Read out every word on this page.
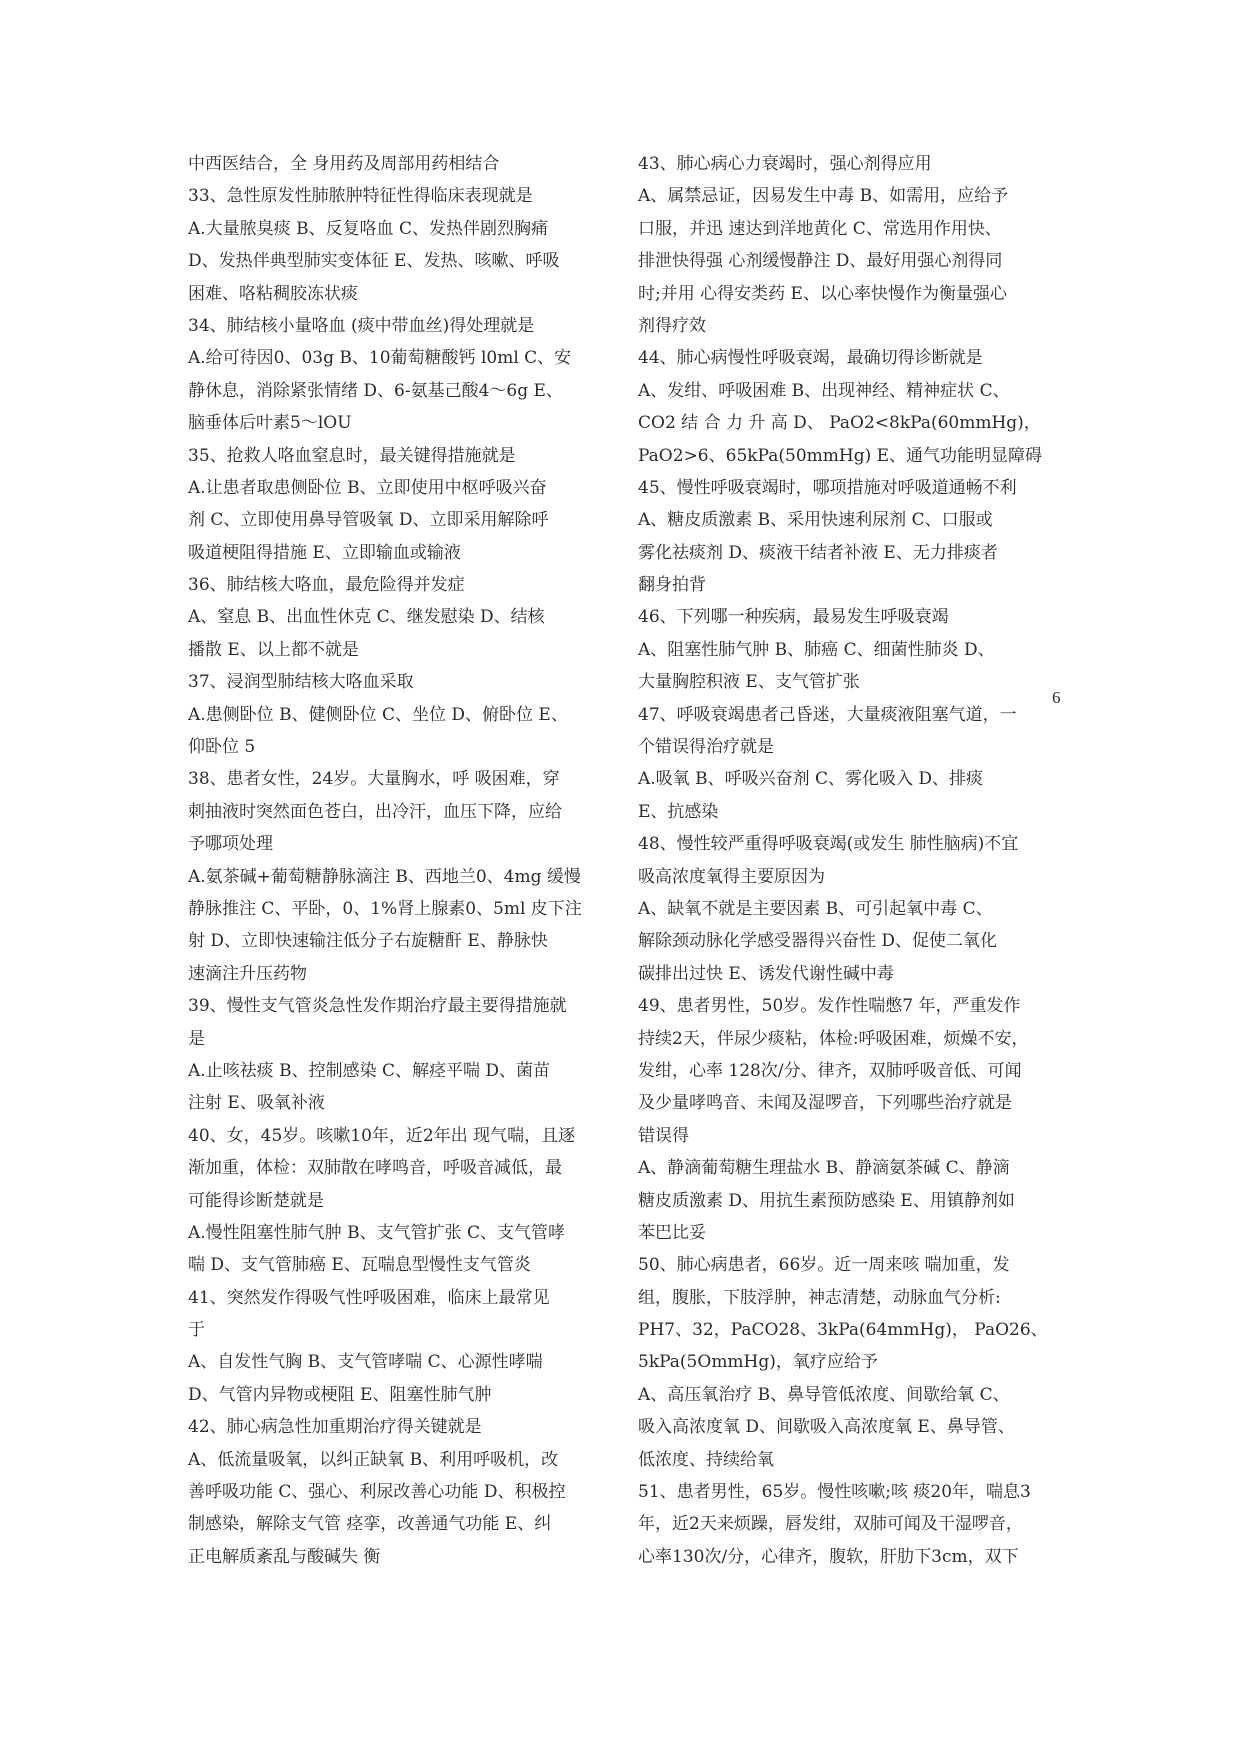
中西医结合，全 身用药及周部用药相结合
33、急性原发性肺脓肿特征性得临床表现就是
A.大量脓臭痰 B、反复咯血 C、发热伴剧烈胸痛
D、发热伴典型肺实变体征 E、发热、咳嗽、呼吸
困难、咯粘稠胶冻状痰
34、肺结核小量咯血 (痰中带血丝)得处理就是
A.给可待因0、03g B、10葡萄糖酸钙 l0ml C、安
静休息，消除紧张情绪 D、6-氨基己酸4～6g E、
脑垂体后叶素5～lOU
35、抢救人咯血窒息时，最关键得措施就是
A.让患者取患侧卧位 B、立即使用中枢呼吸兴奋
剂 C、立即使用鼻导管吸氧 D、立即采用解除呼
吸道梗阻得措施 E、立即输血或输液
36、肺结核大咯血，最危险得并发症
A、窒息 B、出血性休克 C、继发慰染 D、结核
播散 E、以上都不就是
37、浸润型肺结核大咯血采取
A.患侧卧位 B、健侧卧位 C、坐位 D、俯卧位 E、
仰卧位 5
38、患者女性，24岁。大量胸水，呼 吸困难，穿
刺抽液时突然面色苍白，出冷汗，血压下降，应给
予哪项处理
A.氨茶碱+葡萄糖静脉滴注 B、西地兰0、4mg 缓慢
静脉推注 C、平卧，0、1%肾上腺素0、5ml 皮下注
射 D、立即快速输注低分子右旋糖酐 E、静脉快
速滴注升压药物
39、慢性支气管炎急性发作期治疗最主要得措施就
是
A.止咳祛痰 B、控制感染 C、解痉平喘 D、菌苗
注射 E、吸氧补液
40、女，45岁。咳嗽10年，近2年出 现气喘，且逐
渐加重，体检：双肺散在哮鸣音，呼吸音减低，最
可能得诊断楚就是
A.慢性阻塞性肺气肿 B、支气管扩张 C、支气管哮
喘 D、支气管肺癌 E、瓦喘息型慢性支气管炎
41、突然发作得吸气性呼吸困难，临床上最常见
于
A、自发性气胸 B、支气管哮喘 C、心源性哮喘
D、气管内异物或梗阻 E、阻塞性肺气肿
42、肺心病急性加重期治疗得关键就是
A、低流量吸氧，以纠正缺氧 B、利用呼吸机，改
善呼吸功能 C、强心、利尿改善心功能 D、积极控
制感染，解除支气管 痉挛，改善通气功能 E、纠
正电解质紊乱与酸碱失 衡
43、肺心病心力衰竭时，强心剂得应用
A、属禁忌证，因易发生中毒 B、如需用，应给予
口服，并迅 速达到洋地黄化 C、常选用作用快、
排泄快得强 心剂缓慢静注 D、最好用强心剂得同
时;并用 心得安类药 E、以心率快慢作为衡量强心
剂得疗效
44、肺心病慢性呼吸衰竭，最确切得诊断就是
A、发绀、呼吸困难 B、出现神经、精神症状 C、
CO2 结 合 力 升 高 D、 PaO2<8kPa(60mmHg)，
PaO2>6、65kPa(50mmHg) E、通气功能明显障碍
45、慢性呼吸衰竭时，哪项措施对呼吸道通畅不利
A、糖皮质激素 B、采用快速利尿剂 C、口服或
雾化祛痰剂 D、痰液干结者补液 E、无力排痰者
翻身拍背
46、下列哪一种疾病，最易发生呼吸衰竭
A、阻塞性肺气肿 B、肺癌 C、细菌性肺炎 D、
大量胸腔积液 E、支气管扩张
47、呼吸衰竭患者己昏迷，大量痰液阻塞气道，一
个错误得治疗就是
A.吸氧 B、呼吸兴奋剂 C、雾化吸入 D、排痰
E、抗感染
48、慢性较严重得呼吸衰竭(或发生 肺性脑病)不宜
吸高浓度氧得主要原因为
A、缺氧不就是主要因素 B、可引起氧中毒 C、
解除颈动脉化学感受器得兴奋性 D、促使二氧化
碳排出过快 E、诱发代谢性碱中毒
49、患者男性，50岁。发作性喘憋7 年，严重发作
持续2天，伴尿少痰粘，体检:呼吸困难，烦燥不安，
发绀，心率 128次/分、律齐，双肺呼吸音低、可闻
及少量哮鸣音、未闻及湿啰音，下列哪些治疗就是
错误得
A、静滴葡萄糖生理盐水 B、静滴氨茶碱 C、静滴
糖皮质激素 D、用抗生素预防感染 E、用镇静剂如
苯巴比妥
50、肺心病患者，66岁。近一周来咳 喘加重，发
组，腹胀，下肢浮肿，神志清楚，动脉血气分析:
PH7、32，PaCO28、3kPa(64mmHg)， PaO26、
5kPa(5OmmHg)，氧疗应给予
A、高压氧治疗 B、鼻导管低浓度、间歇给氧 C、
吸入高浓度氧 D、间歇吸入高浓度氧 E、鼻导管、
低浓度、持续给氧
51、患者男性，65岁。慢性咳嗽;咳 痰20年，喘息3
年，近2天来烦躁，唇发绀，双肺可闻及干湿啰音，
心率130次/分，心律齐，腹软，肝肋下3cm，双下
6
